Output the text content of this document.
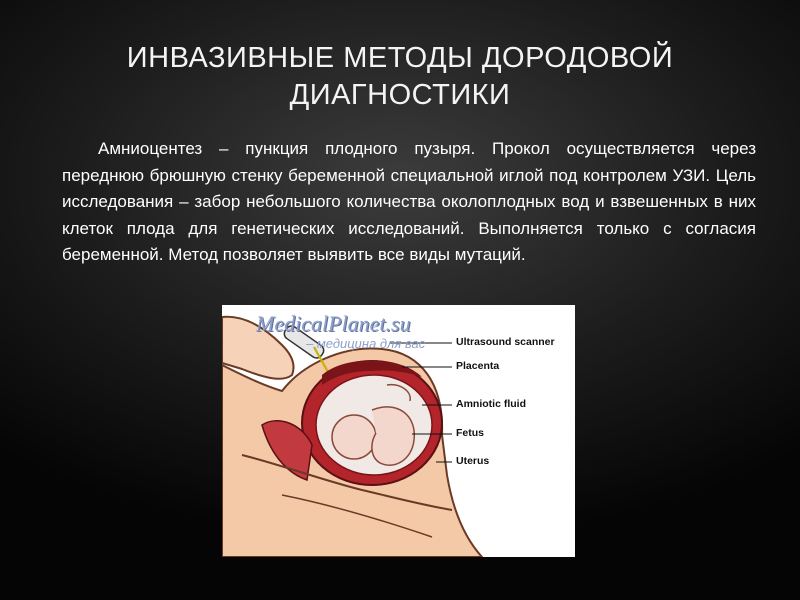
ИНВАЗИВНЫЕ МЕТОДЫ ДОРОДОВОЙ ДИАГНОСТИКИ
Амниоцентез – пункция плодного пузыря. Прокол осуществляется через переднюю брюшную стенку беременной специальной иглой под контролем УЗИ. Цель исследования – забор небольшого количества околоплодных вод и взвешенных в них клеток плода для генетических исследований. Выполняется только с согласия беременной. Метод позволяет выявить все виды мутаций.
MedicalPlanet.su
– медицина для вас	Ultrasound scanner
Placenta
Amniotic fluid
Fetus
Uterus
